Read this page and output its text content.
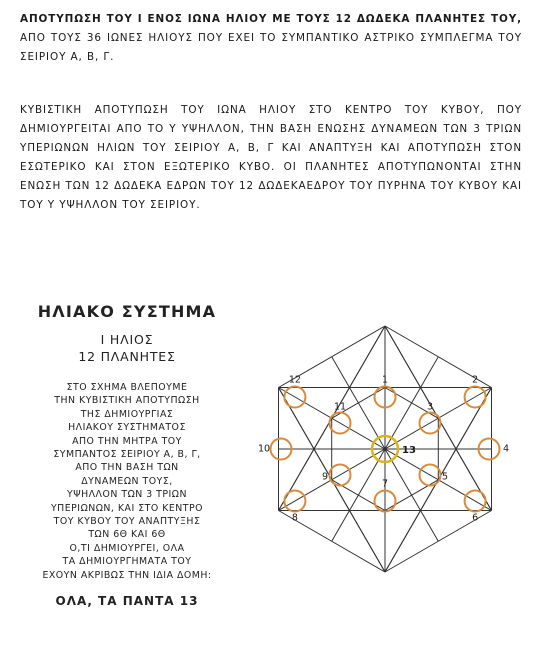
ΑΠΟΤΥΠΩΣΗ ΤΟΥ Ι ΕΝΟΣ ΙΩΝΑ ΗΛΙΟΥ ΜΕ ΤΟΥΣ 12 ΔΩΔΕΚΑ ΠΛΑΝΗΤΕΣ ΤΟΥ, ΑΠΟ ΤΟΥΣ 36 ΙΩΝΕΣ ΗΛΙΟΥΣ ΠΟΥ ΕΧΕΙ ΤΟ ΣΥΜΠΑΝΤΙΚΟ ΑΣΤΡΙΚΟ ΣΥΜΠΛΕΓΜΑ ΤΟΥ ΣΕΙΡΙΟΥ Α, Β, Γ.

ΚΥΒΙΣΤΙΚΗ ΑΠΟΤΥΠΩΣΗ ΤΟΥ ΙΩΝΑ ΗΛΙΟΥ ΣΤΟ ΚΕΝΤΡΟ ΤΟΥ ΚΥΒΟΥ, ΠΟΥ ΔΗΜΙΟΥΡΓΕΙΤΑΙ ΑΠΟ ΤΟ Υ ΥΨΗΛΛΟΝ, ΤΗΝ ΒΑΣΗ ΕΝΩΣΗΣ ΔΥΝΑΜΕΩΝ ΤΩΝ 3 ΤΡΙΩΝ ΥΠΕΡΙΩΝΩΝ ΗΛΙΩΝ ΤΟΥ ΣΕΙΡΙΟΥ Α, Β, Γ ΚΑΙ ΑΝΑΠΤΥΞΗ ΚΑΙ ΑΠΟΤΥΠΩΣΗ ΣΤΟΝ ΕΣΩΤΕΡΙΚΟ ΚΑΙ ΣΤΟΝ ΕΞΩΤΕΡΙΚΟ ΚΥΒΟ. ΟΙ ΠΛΑΝΗΤΕΣ ΑΠΟΤΥΠΩΝΟΝΤΑΙ ΣΤΗΝ ΕΝΩΣΗ ΤΩΝ 12 ΔΩΔΕΚΑ ΕΔΡΩΝ ΤΟΥ 12 ΔΩΔΕΚΑΕΔΡΟΥ ΤΟΥ ΠΥΡΗΝΑ ΤΟΥ ΚΥΒΟΥ ΚΑΙ ΤΟΥ Υ ΥΨΗΛΛΟΝ ΤΟΥ ΣΕΙΡΙΟΥ.

ΗΛΙΑΚΟ ΣΥΣΤΗΜΑ

Ι ΗΛΙΟΣ

12 ΠΛΑΝΗΤΕΣ

ΣΤΟ ΣΧΗΜΑ ΒΛΕΠΟΥΜΕ
ΤΗΝ ΚΥΒΙΣΤΙΚΗ ΑΠΟΤΥΠΩΣΗ
ΤΗΣ ΔΗΜΙΟΥΡΓΙΑΣ
ΗΛΙΑΚΟΥ ΣΥΣΤΗΜΑΤΟΣ
ΑΠΟ ΤΗΝ ΜΗΤΡΑ ΤΟΥ
ΣΥΜΠΑΝΤΟΣ ΣΕΙΡΙΟΥ Α, Β, Γ,
ΑΠΟ ΤΗΝ ΒΑΣΗ ΤΩΝ
ΔΥΝΑΜΕΩΝ ΤΟΥΣ,
ΥΨΗΛΛΟΝ ΤΩΝ 3 ΤΡΙΩΝ
ΥΠΕΡΙΩΝΩΝ, ΚΑΙ ΣΤΟ ΚΕΝΤΡΟ
ΤΟΥ ΚΥΒΟΥ ΤΟΥ ΑΝΑΠΤΥΞΗΣ
ΤΩΝ 6Θ ΚΑΙ 6Θ
Ο,ΤΙ ΔΗΜΙΟΥΡΓΕΙ, ΟΛΑ
ΤΑ ΔΗΜΙΟΥΡΓΗΜΑΤΑ ΤΟΥ
ΕΧΟΥΝ ΑΚΡΙΒΩΣ ΤΗΝ ΙΔΙΑ ΔΟΜΗ:

ΟΛΑ, ΤΑ ΠΑΝΤΑ 13

1	2
3
4
5
6
7
8
9
10
11
12
13
